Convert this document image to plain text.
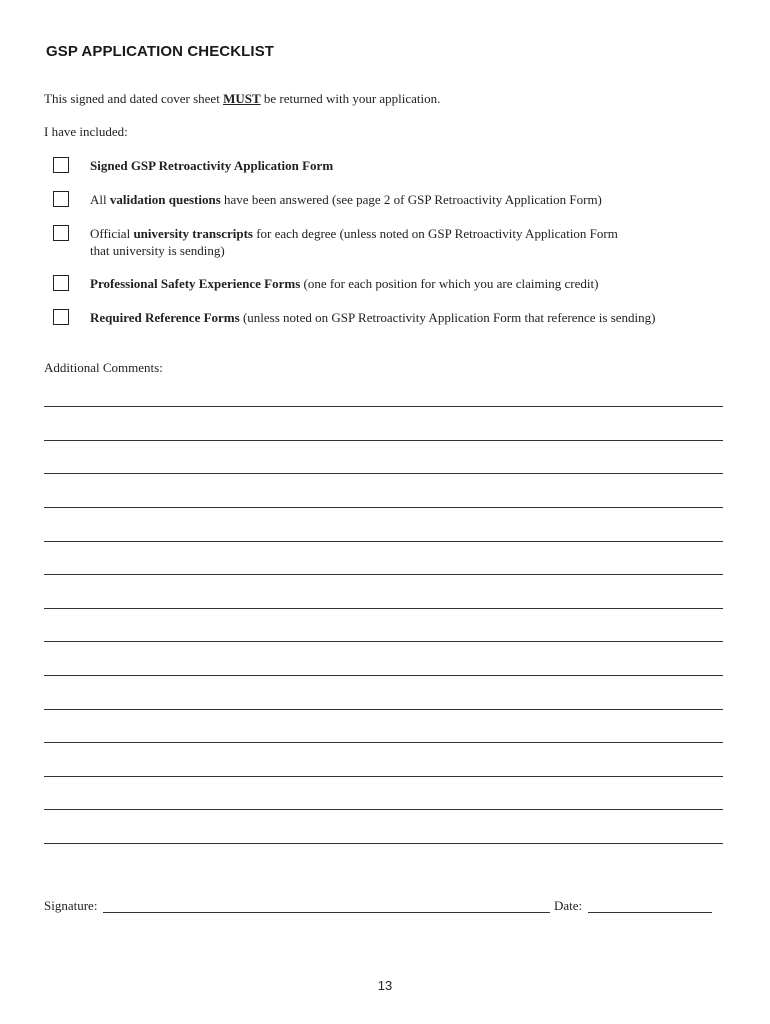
GSP APPLICATION CHECKLIST
This signed and dated cover sheet MUST be returned with your application.
I have included:
Signed GSP Retroactivity Application Form
All validation questions have been answered (see page 2 of GSP Retroactivity Application Form)
Official university transcripts for each degree (unless noted on GSP Retroactivity Application Form
that university is sending)
Professional Safety Experience Forms (one for each position for which you are claiming credit)
Required Reference Forms (unless noted on GSP Retroactivity Application Form that reference is sending)
Additional Comments:
Signature:	Date:
13
